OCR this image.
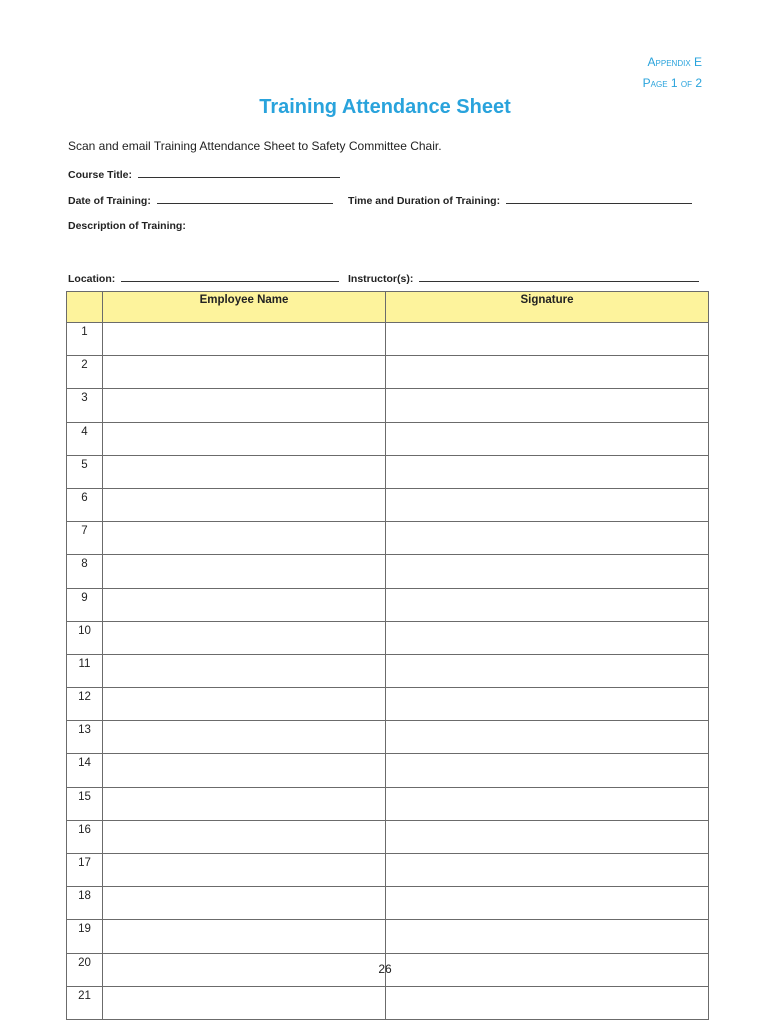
Appendix E
Page 1 of 2
Training Attendance Sheet
Scan and email Training Attendance Sheet to Safety Committee Chair.
Course Title:
Date of Training:	Time and Duration of Training:
Description of Training:
Location:	Instructor(s):
	Employee Name	Signature
1		
2		
3		
4		
5		
6		
7		
8		
9		
10		
11		
12		
13		
14		
15		
16		
17		
18		
19		
20		
21		
26
